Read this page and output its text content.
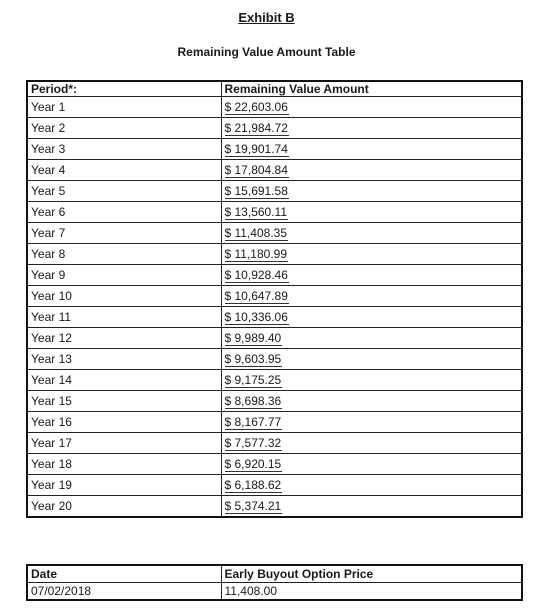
Exhibit B
Remaining Value Amount Table
Period*:	Remaining Value Amount
Year 1	$ 22,603.06
Year 2	$ 21,984.72
Year 3	$ 19,901.74
Year 4	$ 17,804.84
Year 5	$ 15,691.58
Year 6	$ 13,560.11
Year 7	$ 11,408.35
Year 8	$ 11,180.99
Year 9	$ 10,928.46
Year 10	$ 10,647.89
Year 11	$ 10,336.06
Year 12	$ 9,989.40
Year 13	$ 9,603.95
Year 14	$ 9,175.25
Year 15	$ 8,698.36
Year 16	$ 8,167.77
Year 17	$ 7,577.32
Year 18	$ 6,920.15
Year 19	$ 6,188.62
Year 20	$ 5,374.21
Date	Early Buyout Option Price
07/02/2018	11,408.00
